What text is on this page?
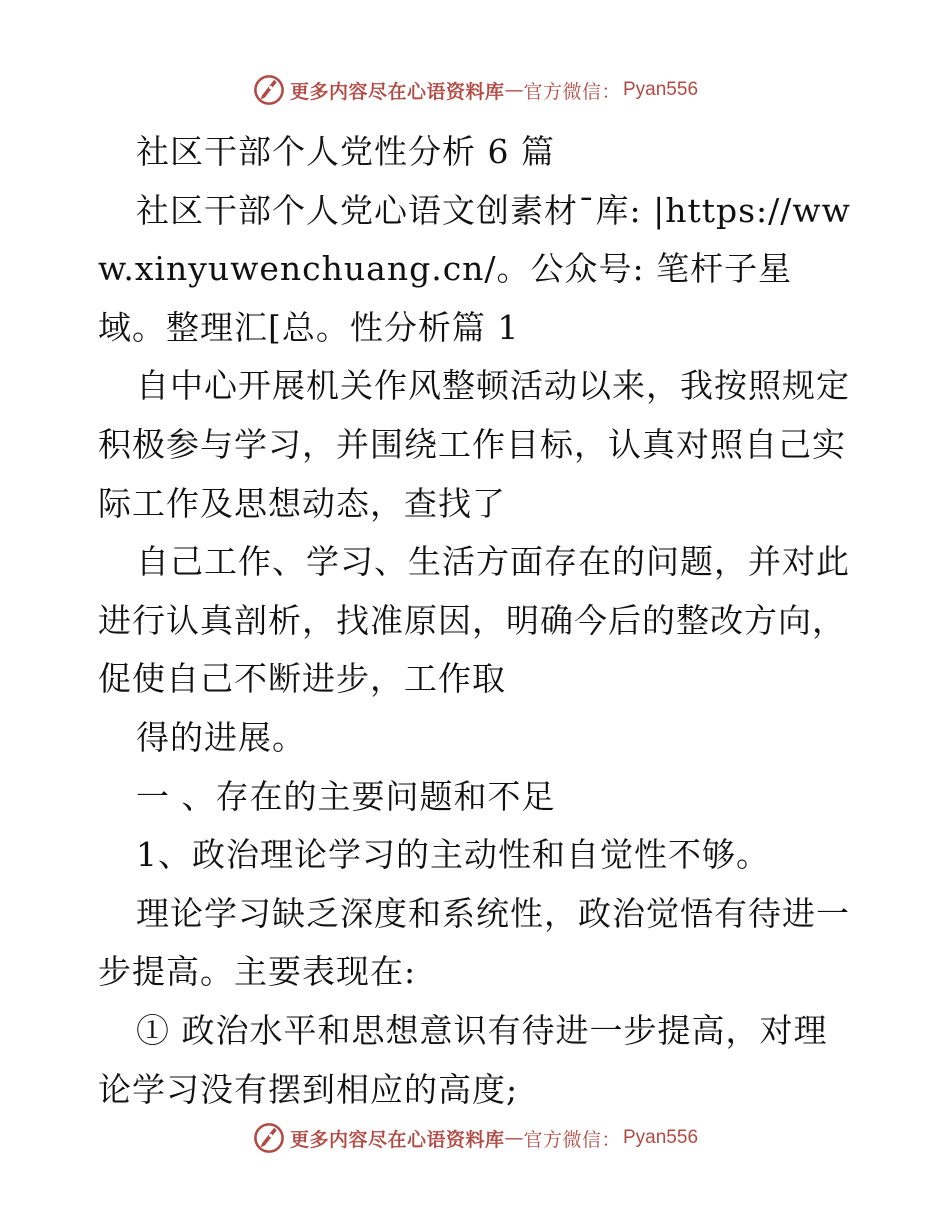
更多内容尽在心语资料库 — 官方微信： Pyan556

社区干部个人党性分析 6 篇

社区干部个人党心语文创素材¯库: |https://www.xinyuwenchuang.cn/。公众号: 笔杆子星域。整理汇[总。性分析篇 1

自中心开展机关作风整顿活动以来，我按照规定积极参与学习，并围绕工作目标，认真对照自己实际工作及思想动态，查找了

自己工作、学习、生活方面存在的问题，并对此进行认真剖析，找准原因，明确今后的整改方向，促使自己不断进步，工作取

得的进展。

一 、存在的主要问题和不足

1、政治理论学习的主动性和自觉性不够。

理论学习缺乏深度和系统性，政治觉悟有待进一步提高。主要表现在:

① 政治水平和思想意识有待进一步提高，对理论学习没有摆到相应的高度;

更多内容尽在心语资料库 — 官方微信： Pyan556
